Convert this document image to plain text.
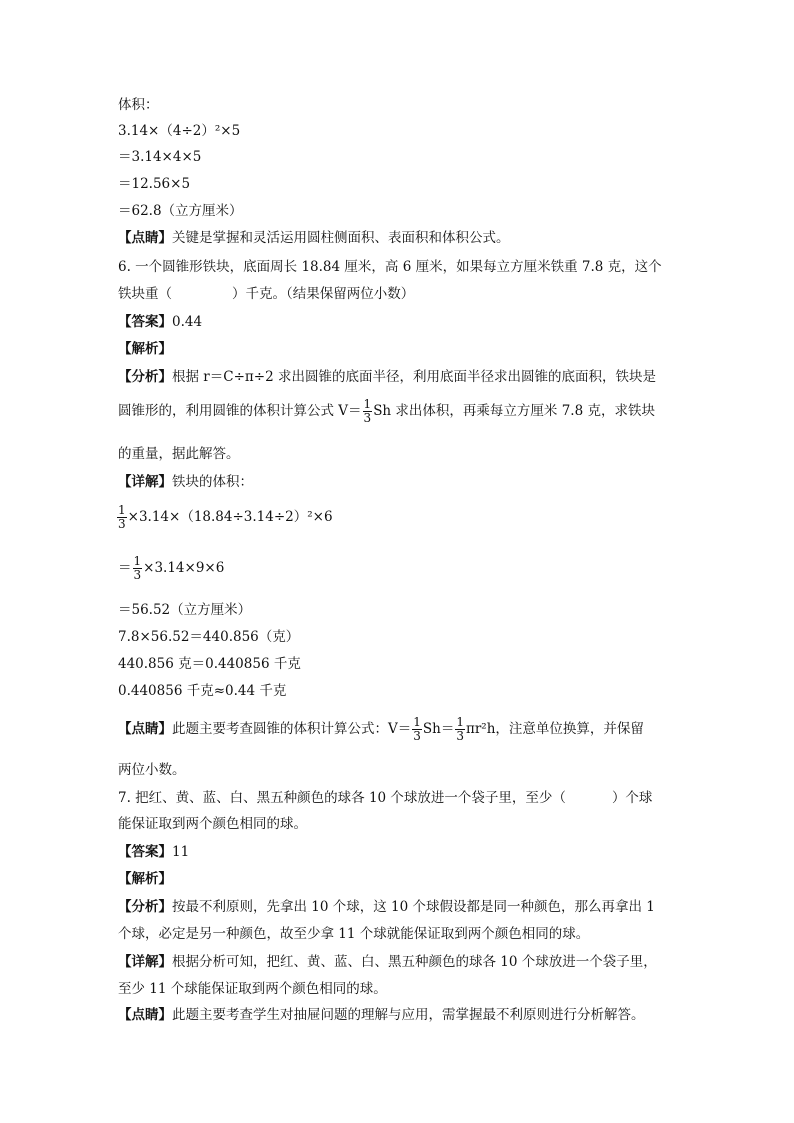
体积：
3.14×（4÷2）²×5
＝3.14×4×5
＝12.56×5
＝62.8（立方厘米）
【点睛】关键是掌握和灵活运用圆柱侧面积、表面积和体积公式。
6. 一个圆锥形铁块，底面周长 18.84 厘米，高 6 厘米，如果每立方厘米铁重 7.8 克，这个
铁块重（	）千克。（结果保留两位小数）
【答案】0.44
【解析】
【分析】根据 r＝C÷π÷2 求出圆锥的底面半径，利用底面半径求出圆锥的底面积，铁块是
圆锥形的，利用圆锥的体积计算公式 $V= \frac{1}{3}$ Sh 求出体积，再乘每立方厘米 7.8 克，求铁块
的重量，据此解答。
【详解】铁块的体积：
$\frac{1}{3} \times 3.14\times(18.84\div 3.14\div 2)^2\times 6$
＝ $\frac{1}{3} \times 3.14\times 9\times 6$
＝56.52（立方厘米）
7.8×56.52＝440.856（克）
440.856 克＝0.440856 千克
0.440856 千克≈0.44 千克
【点睛】此题主要考查圆锥的体积计算公式：$V= \frac{1}{3} Sh= \frac{1}{3} \pi r^2h$，注意单位换算，并保留
两位小数。
7. 把红、黄、蓝、白、黑五种颜色的球各 10 个球放进一个袋子里，至少（	）个球
能保证取到两个颜色相同的球。
【答案】11
【解析】
【分析】按最不利原则，先拿出 10 个球，这 10 个球假设都是同一种颜色，那么再拿出 1
个球，必定是另一种颜色，故至少拿 11 个球就能保证取到两个颜色相同的球。
【详解】根据分析可知，把红、黄、蓝、白、黑五种颜色的球各 10 个球放进一个袋子里，
至少 11 个球能保证取到两个颜色相同的球。
【点睛】此题主要考查学生对抽屉问题的理解与应用，需掌握最不利原则进行分析解答。
